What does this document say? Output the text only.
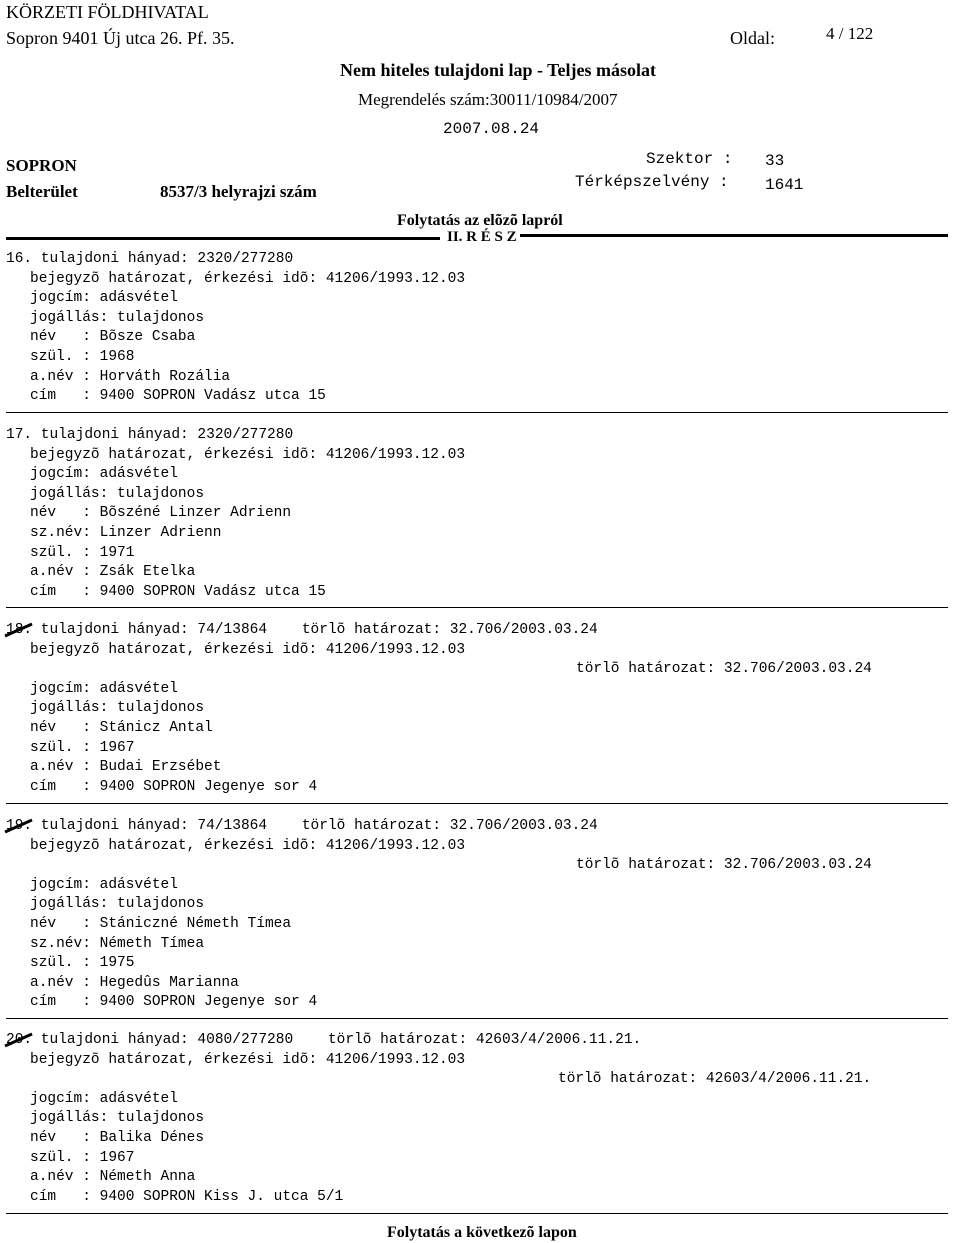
KÖRZETI FÖLDHIVATAL
Sopron 9401 Új utca 26. Pf. 35.	Oldal:	4 / 122
Nem hiteles tulajdoni lap - Teljes másolat
Megrendelés szám:30011/10984/2007
2007.08.24
SOPRON
Belterület	8537/3 helyrajzi szám
Szektor : 33
Térképszelvény : 1641
Folytatás az elõzõ lapról
II. R É S Z
16. tulajdoni hányad: 2320/277280
bejegyzõ határozat, érkezési idõ: 41206/1993.12.03
jogcím: adásvétel
jogállás: tulajdonos
név   : Bõsze Csaba
szül. : 1968
a.név : Horváth Rozália
cím   : 9400 SOPRON Vadász utca 15
17. tulajdoni hányad: 2320/277280
bejegyzõ határozat, érkezési idõ: 41206/1993.12.03
jogcím: adásvétel
jogállás: tulajdonos
név   : Bõszéné Linzer Adrienn
sz.név: Linzer Adrienn
szül. : 1971
a.név : Zsák Etelka
cím   : 9400 SOPRON Vadász utca 15
18. tulajdoni hányad: 74/13864 törlõ határozat: 32.706/2003.03.24
bejegyzõ határozat, érkezési idõ: 41206/1993.12.03
törlõ határozat: 32.706/2003.03.24
jogcím: adásvétel
jogállás: tulajdonos
név   : Stánicz Antal
szül. : 1967
a.név : Budai Erzsébet
cím   : 9400 SOPRON Jegenye sor 4
19. tulajdoni hányad: 74/13864 törlõ határozat: 32.706/2003.03.24
bejegyzõ határozat, érkezési idõ: 41206/1993.12.03
törlõ határozat: 32.706/2003.03.24
jogcím: adásvétel
jogállás: tulajdonos
név   : Stániczné Németh Tímea
sz.név: Németh Tímea
szül. : 1975
a.név : Hegedûs Marianna
cím   : 9400 SOPRON Jegenye sor 4
20. tulajdoni hányad: 4080/277280 törlõ határozat: 42603/4/2006.11.21.
bejegyzõ határozat, érkezési idõ: 41206/1993.12.03
törlõ határozat: 42603/4/2006.11.21.
jogcím: adásvétel
jogállás: tulajdonos
név   : Balika Dénes
szül. : 1967
a.név : Németh Anna
cím   : 9400 SOPRON Kiss J. utca 5/1
Folytatás a következõ lapon
